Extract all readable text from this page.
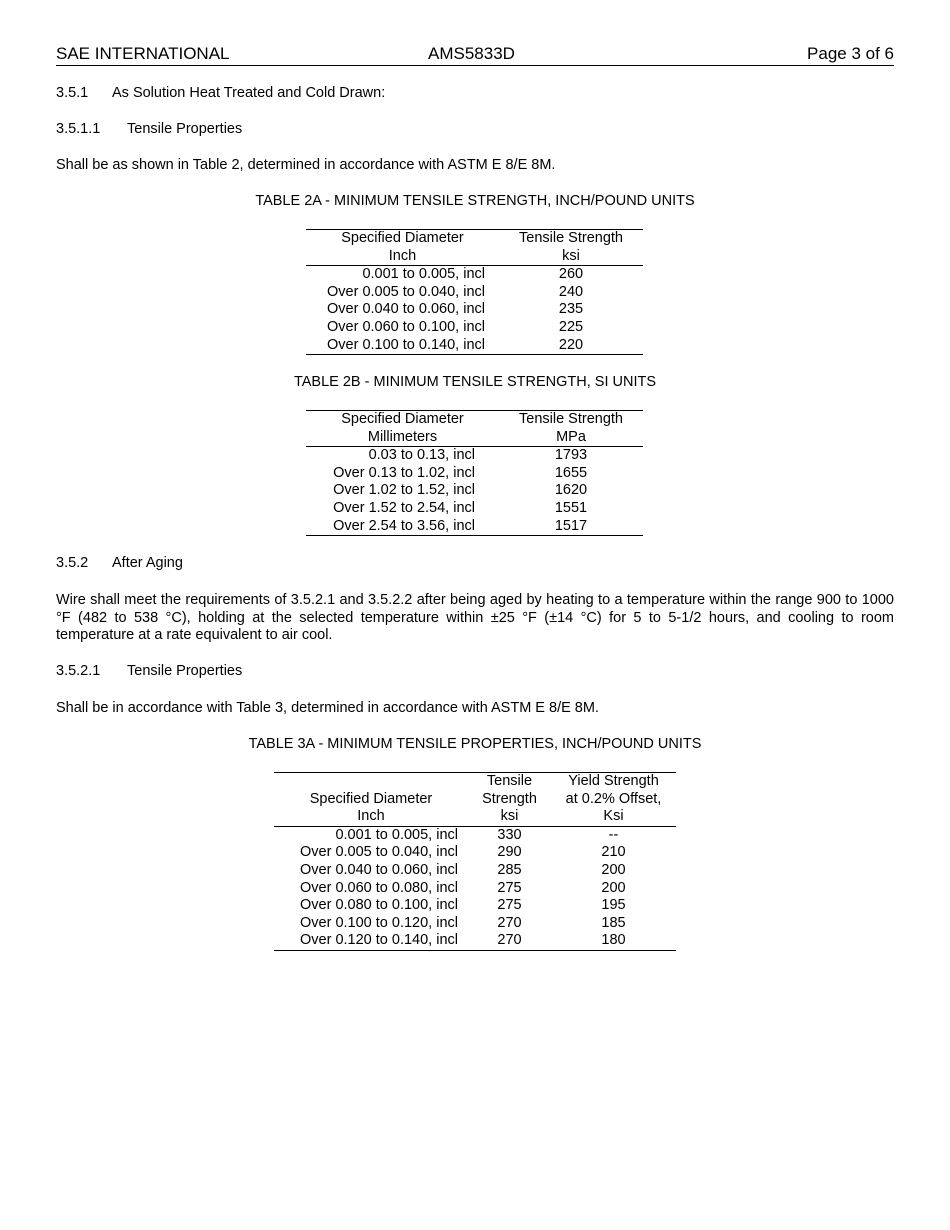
SAE INTERNATIONAL	AMS5833D	Page 3 of 6
3.5.1 As Solution Heat Treated and Cold Drawn:
3.5.1.1 Tensile Properties
Shall be as shown in Table 2, determined in accordance with ASTM E 8/E 8M.
TABLE 2A - MINIMUM TENSILE STRENGTH, INCH/POUND UNITS
Specified Diameter	Tensile Strength
Inch	ksi
0.001 to 0.005, incl	260
Over 0.005 to 0.040, incl	240
Over 0.040 to 0.060, incl	235
Over 0.060 to 0.100, incl	225
Over 0.100 to 0.140, incl	220
TABLE 2B - MINIMUM TENSILE STRENGTH, SI UNITS
Specified Diameter	Tensile Strength
Millimeters	MPa
0.03 to 0.13, incl	1793
Over 0.13 to 1.02, incl	1655
Over 1.02 to 1.52, incl	1620
Over 1.52 to 2.54, incl	1551
Over 2.54 to 3.56, incl	1517
3.5.2 After Aging
Wire shall meet the requirements of 3.5.2.1 and 3.5.2.2 after being aged by heating to a temperature within the range 900 to 1000 °F (482 to 538 °C), holding at the selected temperature within ±25 °F (±14 °C) for 5 to 5-1/2 hours, and cooling to room temperature at a rate equivalent to air cool.
3.5.2.1 Tensile Properties
Shall be in accordance with Table 3, determined in accordance with ASTM E 8/E 8M.
TABLE 3A - MINIMUM TENSILE PROPERTIES, INCH/POUND UNITS
	Tensile	Yield Strength
Specified Diameter	Strength	at 0.2% Offset,
Inch	ksi	Ksi
0.001 to 0.005, incl	330	--
Over 0.005 to 0.040, incl	290	210
Over 0.040 to 0.060, incl	285	200
Over 0.060 to 0.080, incl	275	200
Over 0.080 to 0.100, incl	275	195
Over 0.100 to 0.120, incl	270	185
Over 0.120 to 0.140, incl	270	180
